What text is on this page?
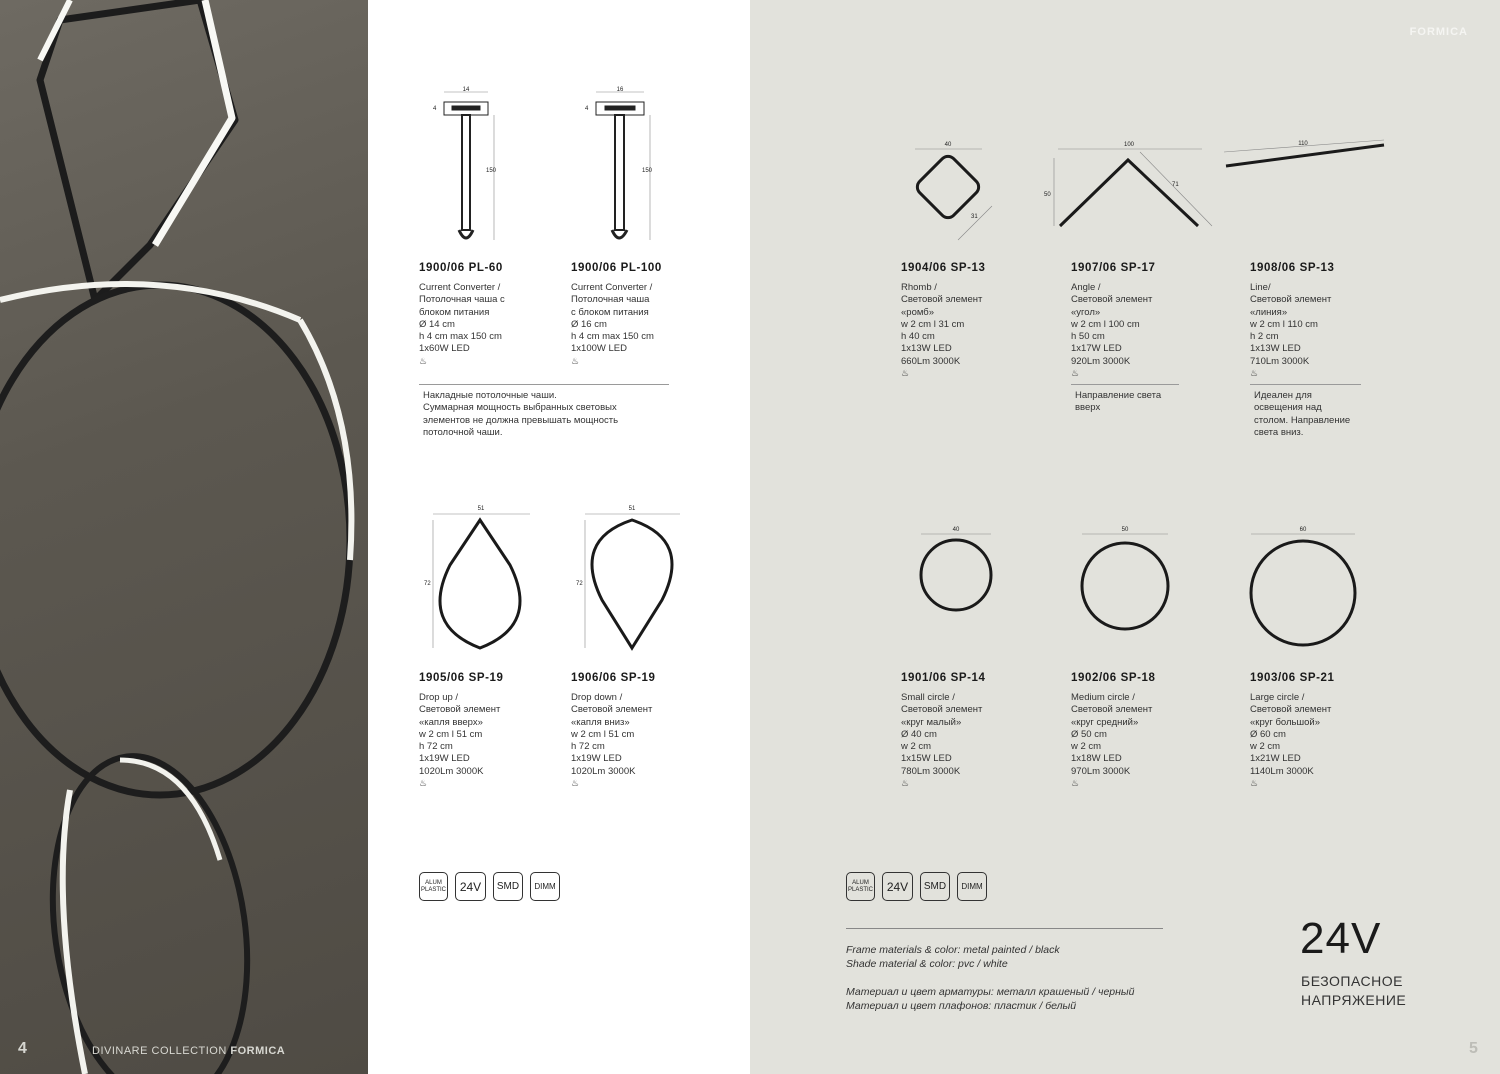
4	DIVINARE COLLECTION FORMICA
FORMICA
5
14
4
150
16
4
150
51
72
51
72
40
31
100
50
71
110
40	50	60
1900/06 PL-60
Current Converter /
Потолочная чаша с
блоком питания
Ø 14 cm
h 4 cm max 150 cm
1x60W LED
♨
1900/06 PL-100
Current Converter /
Потолочная чаша
с блоком питания
Ø 16 cm
h 4 cm max 150 cm
1x100W LED
♨
Накладные потолочные чаши.
Суммарная мощность выбранных световых
элементов не должна превышать мощность
потолочной чаши.
1905/06 SP-19
Drop up /
Световой элемент
«капля вверх»
w 2 cm l 51 cm
h 72 cm
1x19W LED
1020Lm 3000K
♨
1906/06 SP-19
Drop down /
Световой элемент
«капля вниз»
w 2 cm l 51 cm
h 72 cm
1x19W LED
1020Lm 3000K
♨
1904/06 SP-13
Rhomb /
Световой элемент
«ромб»
w 2 cm l 31 cm
h 40 cm
1x13W LED
660Lm 3000K
♨
1907/06 SP-17
Angle /
Световой элемент
«угол»
w 2 cm l 100 cm
h 50 cm
1x17W LED
920Lm 3000K
♨
1908/06 SP-13
Line/
Световой элемент
«линия»
w 2 cm l 110 cm
h 2 cm
1x13W LED
710Lm 3000K
♨
Направление света
вверх
Идеален для
освещения над
столом. Направление
света вниз.
1901/06 SP-14
Small circle /
Световой элемент
«круг малый»
Ø 40 cm
w 2 cm
1x15W LED
780Lm 3000K
♨
1902/06 SP-18
Medium circle /
Световой элемент
«круг средний»
Ø 50 cm
w 2 cm
1x18W LED
970Lm 3000K
♨
1903/06 SP-21
Large circle /
Световой элемент
«круг большой»
Ø 60 cm
w 2 cm
1x21W LED
1140Lm 3000K
♨
ALUM
PLASTIC	24V	SMD	DIMM	ALUM
PLASTIC	24V	SMD	DIMM
Frame materials & color: metal painted / black
Shade material & color: pvc / white
Материал и цвет арматуры: металл крашеный / черный
Материал и цвет плафонов: пластик / белый
24V
БЕЗОПАСНОЕ
НАПРЯЖЕНИЕ
